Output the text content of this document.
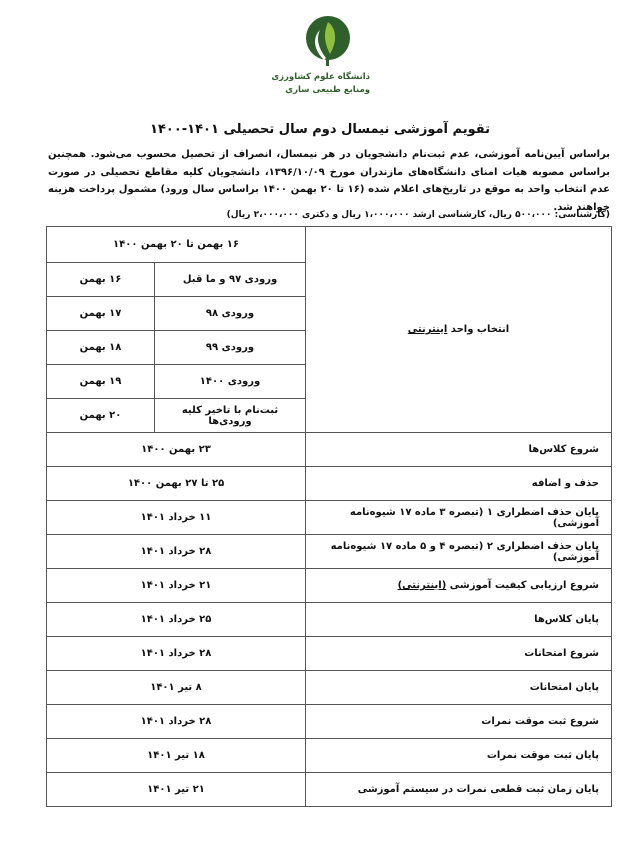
دانشگاه علوم کشاورزی
ومنابع طبیعی ساری
تقویم آموزشی نیمسال دوم سال تحصیلی ۱۴۰۱-۱۴۰۰
براساس آیین‌نامه آموزشی، عدم ثبت‌نام دانشجویان در هر نیمسال، انصراف از تحصیل محسوب می‌شود. همچنین براساس مصوبه هیات امنای دانشگاه‌های مازندران مورخ ۱۳۹۶/۱۰/۰۹، دانشجویان کلیه مقاطع تحصیلی در صورت عدم انتخاب واحد به موقع در تاریخ‌های اعلام شده (۱۶ تا ۲۰ بهمن ۱۴۰۰ براساس سال ورود) مشمول پرداخت هزینه خواهند شد.
(کارشناسی: ۵۰۰،۰۰۰ ریال، کارشناسی ارشد ۱،۰۰۰،۰۰۰ ریال و دکتری ۲،۰۰۰،۰۰۰ ریال)
انتخاب واحد اینترنتی	۱۶ بهمن تا ۲۰ بهمن ۱۴۰۰	
	ورودی ۹۷ و ما قبل	۱۶ بهمن
	ورودی ۹۸	۱۷ بهمن
	ورودی ۹۹	۱۸ بهمن
	ورودی ۱۴۰۰	۱۹ بهمن
	ثبت‌نام با تاخیر کلیه ورودی‌ها	۲۰ بهمن
شروع کلاس‌ها	۲۳ بهمن ۱۴۰۰	
حذف و اضافه	۲۵ تا ۲۷ بهمن ۱۴۰۰	
پایان حذف اضطراری ۱ (تبصره ۳ ماده ۱۷ شیوه‌نامه آموزشی)	۱۱ خرداد ۱۴۰۱	
پایان حذف اضطراری ۲ (تبصره ۴ و ۵ ماده ۱۷ شیوه‌نامه آموزشی)	۲۸ خرداد ۱۴۰۱	
شروع ارزیابی کیفیت آموزشی (اینترنتی)	۲۱ خرداد ۱۴۰۱	
پایان کلاس‌ها	۲۵ خرداد ۱۴۰۱	
شروع امتحانات	۲۸ خرداد ۱۴۰۱	
پایان امتحانات	۸ تیر ۱۴۰۱	
شروع ثبت موقت نمرات	۲۸ خرداد ۱۴۰۱	
پایان ثبت موقت نمرات	۱۸ تیر ۱۴۰۱	
پایان زمان ثبت قطعی نمرات در سیستم آموزشی	۲۱ تیر ۱۴۰۱	
